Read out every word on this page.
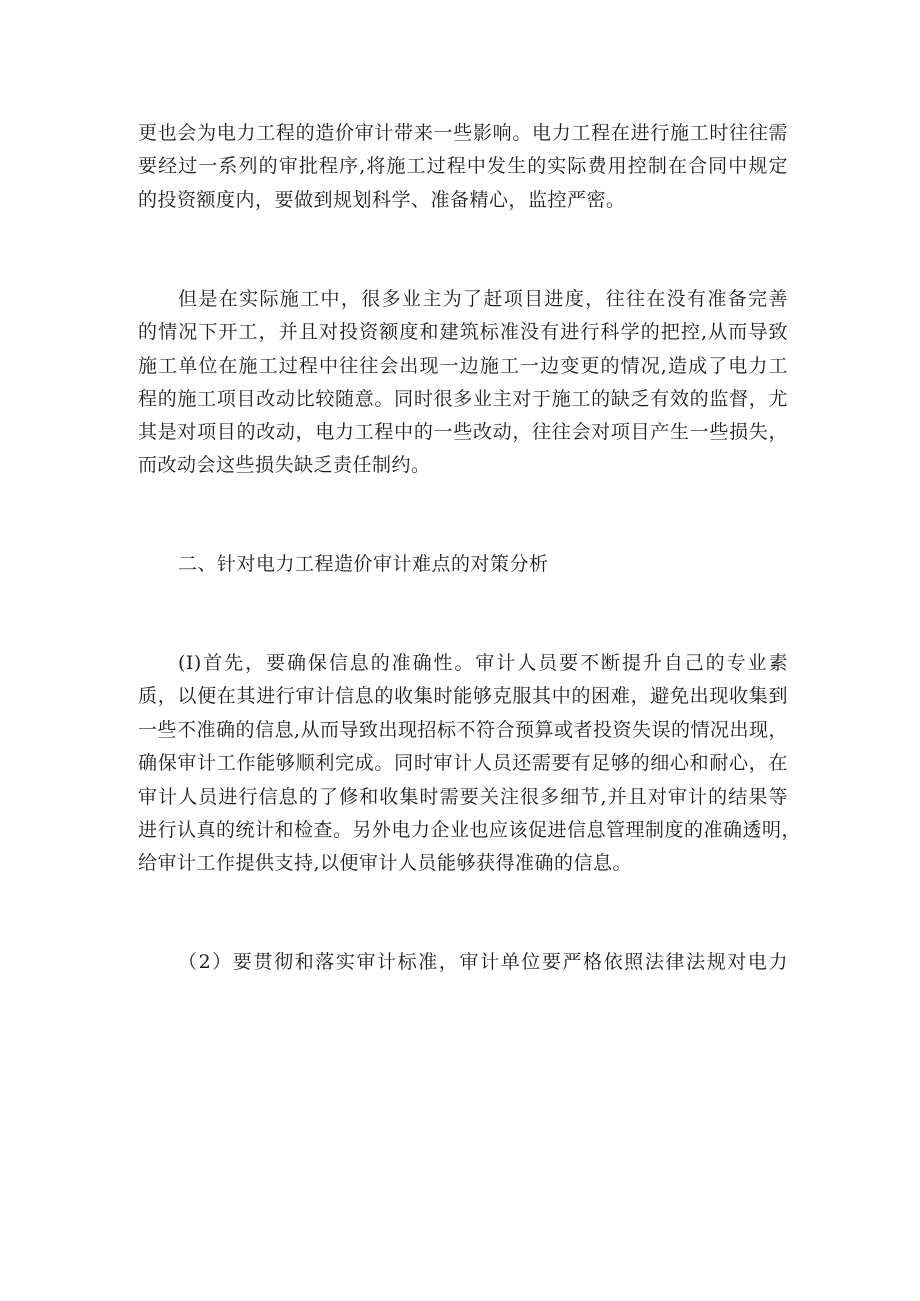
更也会为电力工程的造价审计带来一些影响。电力工程在进行施工时往往需
要经过一系列的审批程序,将施工过程中发生的实际费用控制在合同中规定
的投资额度内，要做到规划科学、准备精心，监控严密。
但是在实际施工中，很多业主为了赶项目进度，往往在没有准备完善
的情况下开工，并且对投资额度和建筑标准没有进行科学的把控,从而导致
施工单位在施工过程中往往会出现一边施工一边变更的情况,造成了电力工
程的施工项目改动比较随意。同时很多业主对于施工的缺乏有效的监督，尤
其是对项目的改动，电力工程中的一些改动，往往会对项目产生一些损失，
而改动会这些损失缺乏责任制约。
二、针对电力工程造价审计难点的对策分析
(I)首先，要确保信息的准确性。审计人员要不断提升自己的专业素
质，以便在其进行审计信息的收集时能够克服其中的困难，避免出现收集到
一些不准确的信息,从而导致出现招标不符合预算或者投资失误的情况出现，
确保审计工作能够顺利完成。同时审计人员还需要有足够的细心和耐心，在
审计人员进行信息的了修和收集时需要关注很多细节,并且对审计的结果等
进行认真的统计和检查。另外电力企业也应该促进信息管理制度的准确透明，
给审计工作提供支持,以便审计人员能够获得准确的信息。
（2）要贯彻和落实审计标准，审计单位要严格依照法律法规对电力
